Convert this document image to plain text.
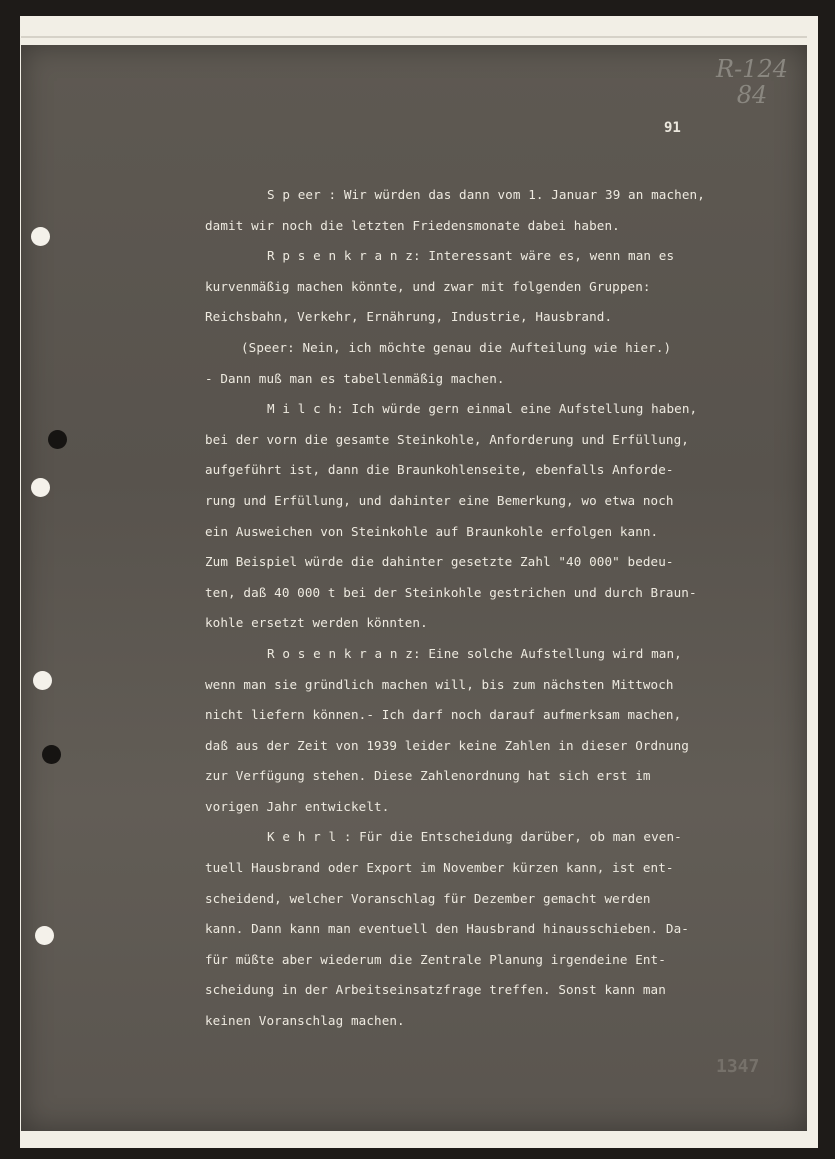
R-124
84
91
S p eer : Wir würden das dann vom 1. Januar 39 an machen,
damit wir noch die letzten Friedensmonate dabei haben.
R p s e n k r a n z: Interessant wäre es, wenn man es
kurvenmäßig machen könnte, und zwar mit folgenden Gruppen:
Reichsbahn, Verkehr, Ernährung, Industrie, Hausbrand.
(Speer: Nein, ich möchte genau die Aufteilung wie hier.)
- Dann muß man es tabellenmäßig machen.
M i l c h: Ich würde gern einmal eine Aufstellung haben,
bei der vorn die gesamte Steinkohle, Anforderung und Erfüllung,
aufgeführt ist, dann die Braunkohlenseite, ebenfalls Anforde-
rung und Erfüllung, und dahinter eine Bemerkung, wo etwa noch
ein Ausweichen von Steinkohle auf Braunkohle erfolgen kann.
Zum Beispiel würde die dahinter gesetzte Zahl "40 000" bedeu-
ten, daß 40 000 t bei der Steinkohle gestrichen und durch Braun-
kohle ersetzt werden könnten.
R o s e n k r a n z: Eine solche Aufstellung wird man,
wenn man sie gründlich machen will, bis zum nächsten Mittwoch
nicht liefern können.- Ich darf noch darauf aufmerksam machen,
daß aus der Zeit von 1939 leider keine Zahlen in dieser Ordnung
zur Verfügung stehen. Diese Zahlenordnung hat sich erst im
vorigen Jahr entwickelt.
K e h r l : Für die Entscheidung darüber, ob man even-
tuell Hausbrand oder Export im November kürzen kann, ist ent-
scheidend, welcher Voranschlag für Dezember gemacht werden
kann. Dann kann man eventuell den Hausbrand hinausschieben. Da-
für müßte aber wiederum die Zentrale Planung irgendeine Ent-
scheidung in der Arbeitseinsatzfrage treffen. Sonst kann man
keinen Voranschlag machen.
1347
